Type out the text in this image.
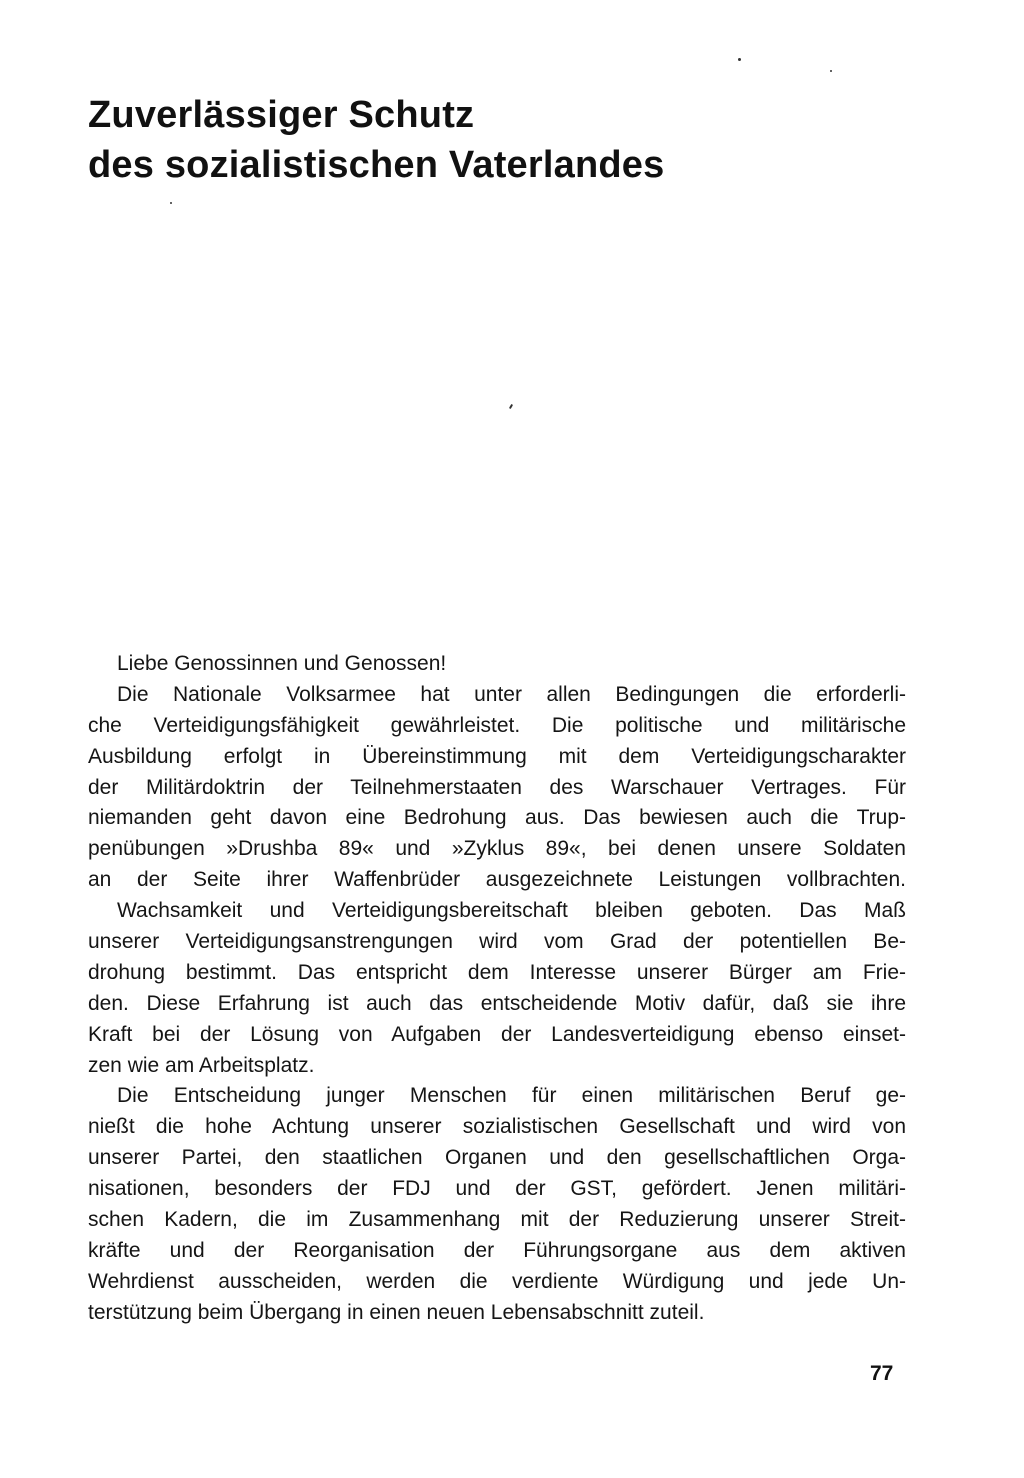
Zuverlässiger Schutz
des sozialistischen Vaterlandes
Liebe Genossinnen und Genossen!
Die Nationale Volksarmee hat unter allen Bedingungen die erforderli-
che Verteidigungsfähigkeit gewährleistet. Die politische und militärische
Ausbildung erfolgt in Übereinstimmung mit dem Verteidigungscharakter
der Militärdoktrin der Teilnehmerstaaten des Warschauer Vertrages. Für
niemanden geht davon eine Bedrohung aus. Das bewiesen auch die Trup-
penübungen »Drushba 89« und »Zyklus 89«, bei denen unsere Soldaten
an der Seite ihrer Waffenbrüder ausgezeichnete Leistungen vollbrachten.
Wachsamkeit und Verteidigungsbereitschaft bleiben geboten. Das Maß
unserer Verteidigungsanstrengungen wird vom Grad der potentiellen Be-
drohung bestimmt. Das entspricht dem Interesse unserer Bürger am Frie-
den. Diese Erfahrung ist auch das entscheidende Motiv dafür, daß sie ihre
Kraft bei der Lösung von Aufgaben der Landesverteidigung ebenso einset-
zen wie am Arbeitsplatz.
Die Entscheidung junger Menschen für einen militärischen Beruf ge-
nießt die hohe Achtung unserer sozialistischen Gesellschaft und wird von
unserer Partei, den staatlichen Organen und den gesellschaftlichen Orga-
nisationen, besonders der FDJ und der GST, gefördert. Jenen militäri-
schen Kadern, die im Zusammenhang mit der Reduzierung unserer Streit-
kräfte und der Reorganisation der Führungsorgane aus dem aktiven
Wehrdienst ausscheiden, werden die verdiente Würdigung und jede Un-
terstützung beim Übergang in einen neuen Lebensabschnitt zuteil.
77
